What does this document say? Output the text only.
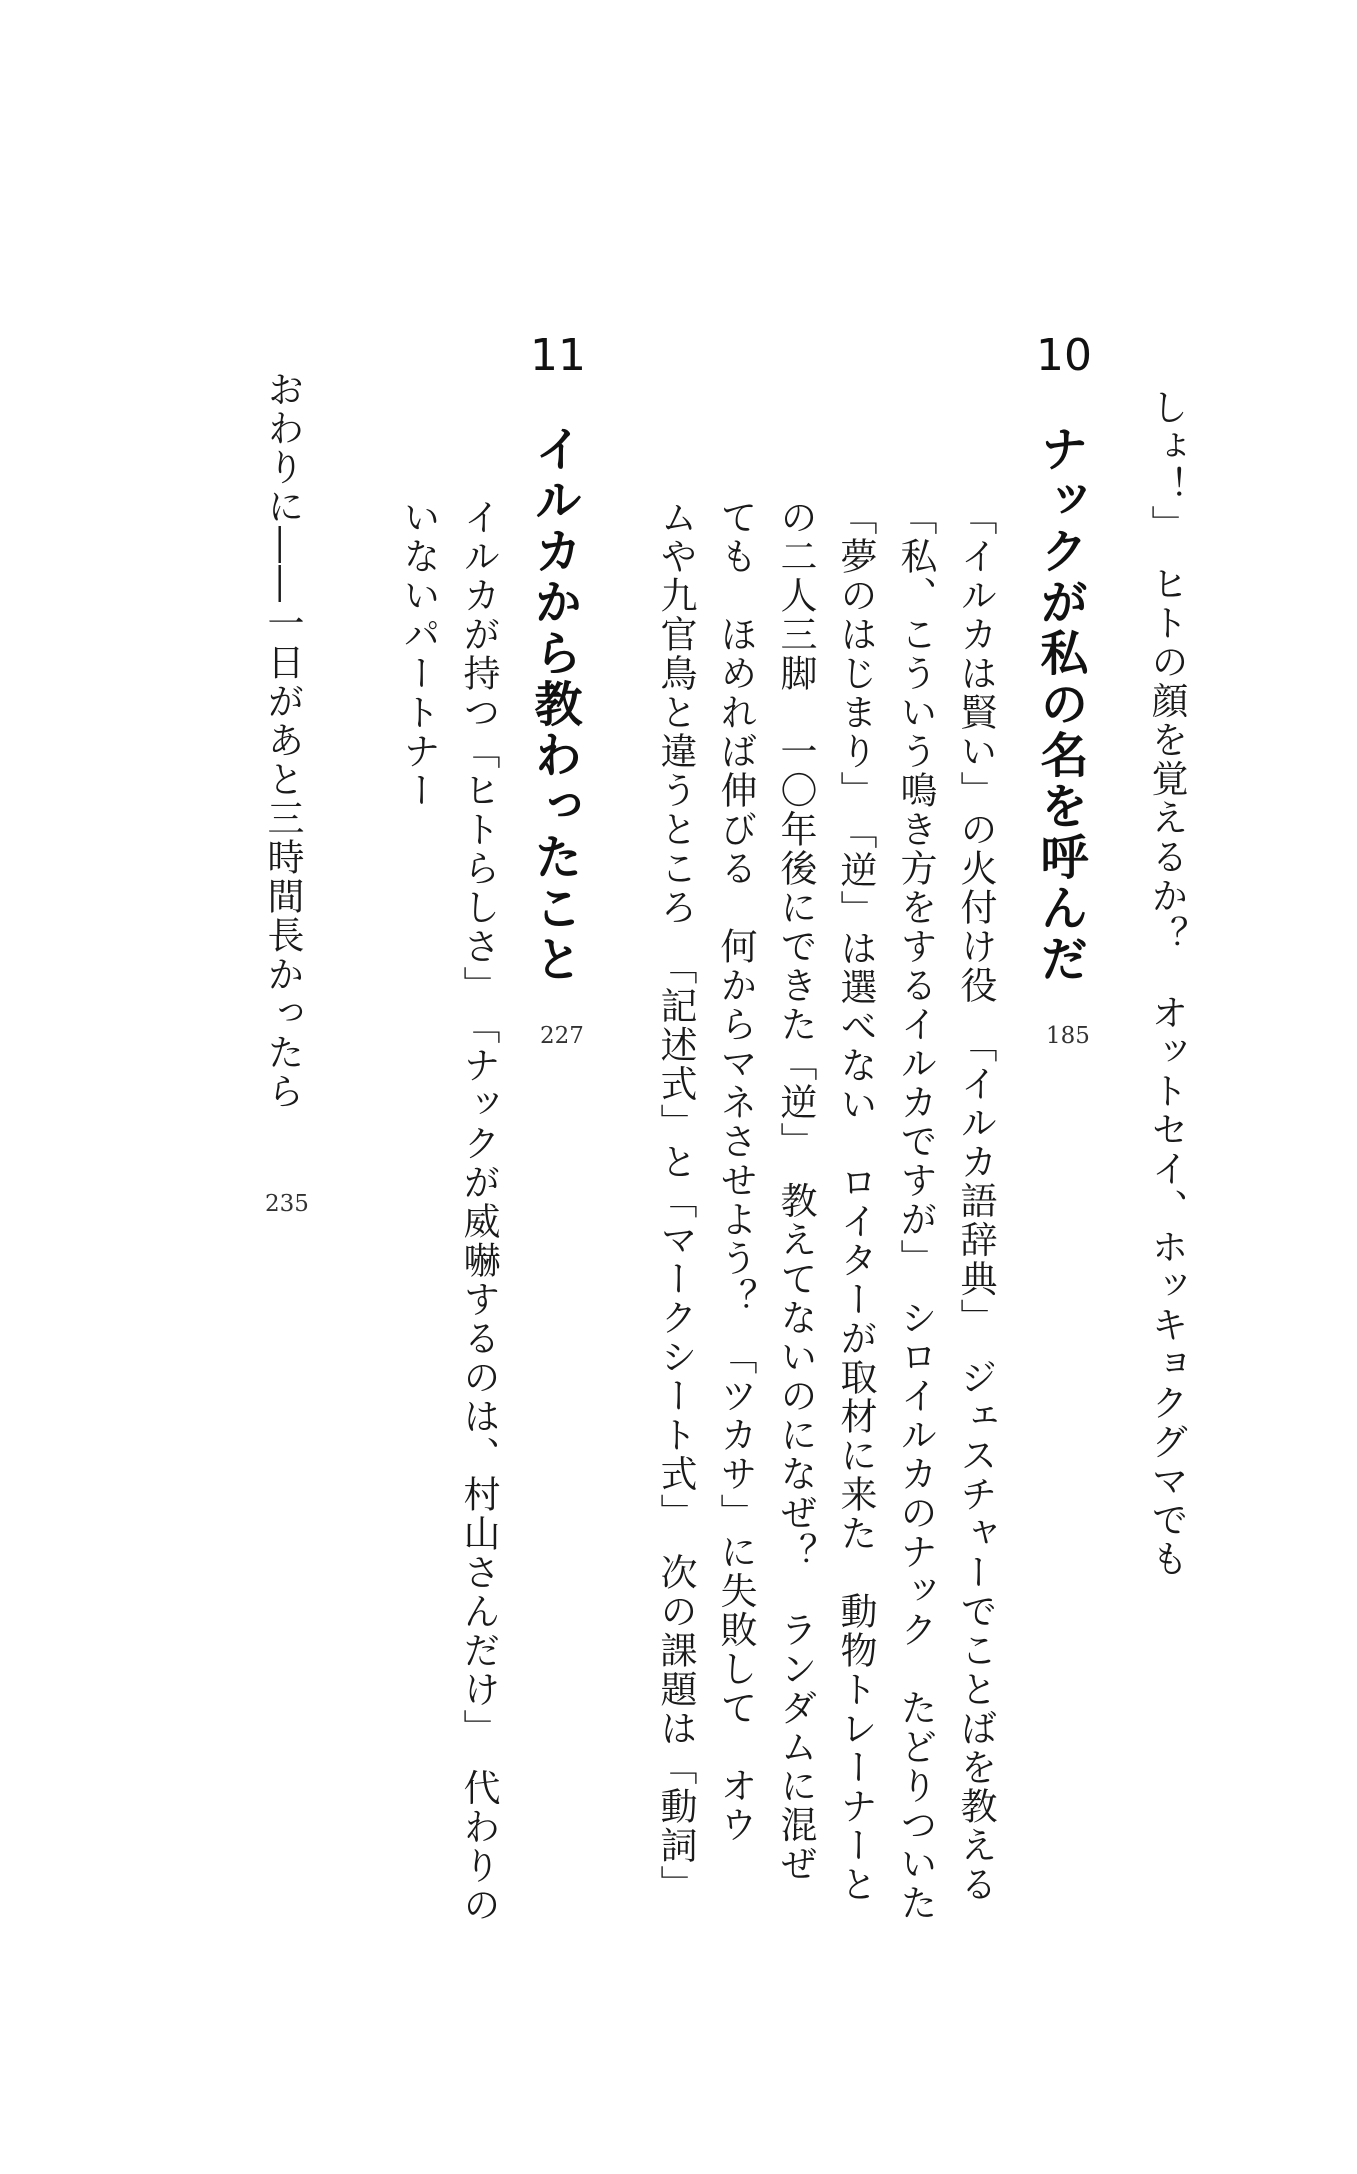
しょ！」　ヒトの顔を覚えるか？　オットセイ、ホッキョクグマでも
10
ナックが私の名を呼んだ
185
「イルカは賢い」の火付け役　「イルカ語辞典」　ジェスチャーでことばを教える
「私、こういう鳴き方をするイルカですが」　シロイルカのナック　たどりついた
「夢のはじまり」　「逆」は選べない　ロイターが取材に来た　動物トレーナーと
の二人三脚　一〇年後にできた「逆」　教えてないのになぜ？　ランダムに混ぜ
ても　ほめれば伸びる　何からマネさせよう？　「ツカサ」に失敗して　オウ
ムや九官鳥と違うところ　「記述式」と「マークシート式」　次の課題は「動詞」
11
イルカから教わったこと
227
イルカが持つ「ヒトらしさ」　「ナックが威嚇するのは、村山さんだけ」　代わりの
いないパートナー
おわりに――一日があと三時間長かったら
235
